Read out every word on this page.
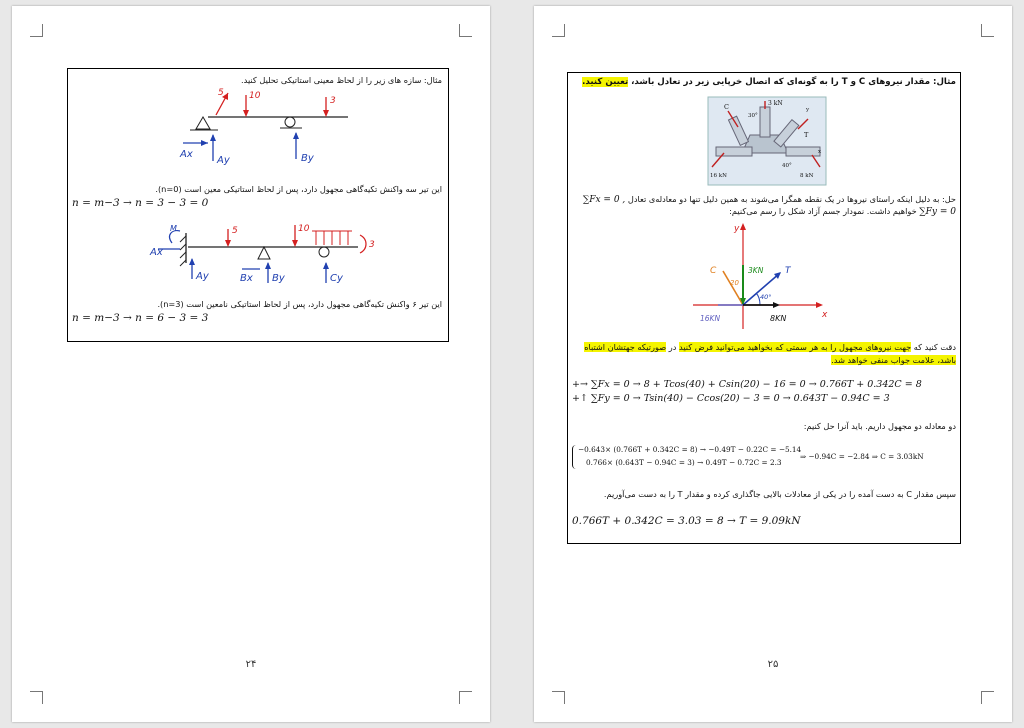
مثال: سازه های زیر را از لحاظ معینی استاتیکی تحلیل کنید.
5	10	3
Ax
Ay	By
این تیر سه واکنش تکیه‌گاهی مجهول دارد، پس از لحاظ استاتیکی معین است (n=0).
n = m−3 → n = 3 − 3 = 0
M	5	10
3
Ax
Ay	Bx By	Cy
این تیر ۶ واکنش تکیه‌گاهی مجهول دارد، پس از لحاظ استاتیکی نامعین است (n=3).
n = m−3 → n = 6 − 3 = 3
۲۴
مثال: مقدار نیروهای C و T را به گونه‌ای که اتصال خرپایی زیر در تعادل باشد، تعیین کنید.
C	3 kN
30°
T
16 kN	8 kN
40°
y
x
حل: به دلیل اینکه راستای نیروها در یک نقطه همگرا می‌شوند به همین دلیل تنها دو معادله‌ی تعادل ∑Fx = 0 , ∑Fy = 0 خواهیم داشت. نمودار جسم آزاد شکل را رسم می‌کنیم:
y
x
C
20
3KN T
40°
16KN	8KN
دقت کنید که جهت نیروهای مجهول را به هر سمتی که بخواهید می‌توانید فرض کنید در صورتیکه جهتشان اشتباه باشد، علامت جواب منفی خواهد شد.
+→ ∑Fx = 0 → 8 + Tcos(40) + Csin(20) − 16 = 0 → 0.766T + 0.342C = 8
+↑ ∑Fy = 0 → Tsin(40) − Ccos(20) − 3 = 0 → 0.643T − 0.94C = 3
دو معادله دو مجهول داریم. باید آنرا حل کنیم:
−0.643× (0.766T + 0.342C = 8) → −0.49T − 0.22C = −5.14
0.766× (0.643T − 0.94C = 3) → 0.49T − 0.72C = 2.3
⇒ −0.94C = −2.84 ⇒ C = 3.03kN
سپس مقدار C به دست آمده را در یکی از معادلات بالایی جاگذاری کرده و مقدار T را به دست می‌آوریم.
0.766T + 0.342C = 3.03 = 8 → T = 9.09kN
۲۵
